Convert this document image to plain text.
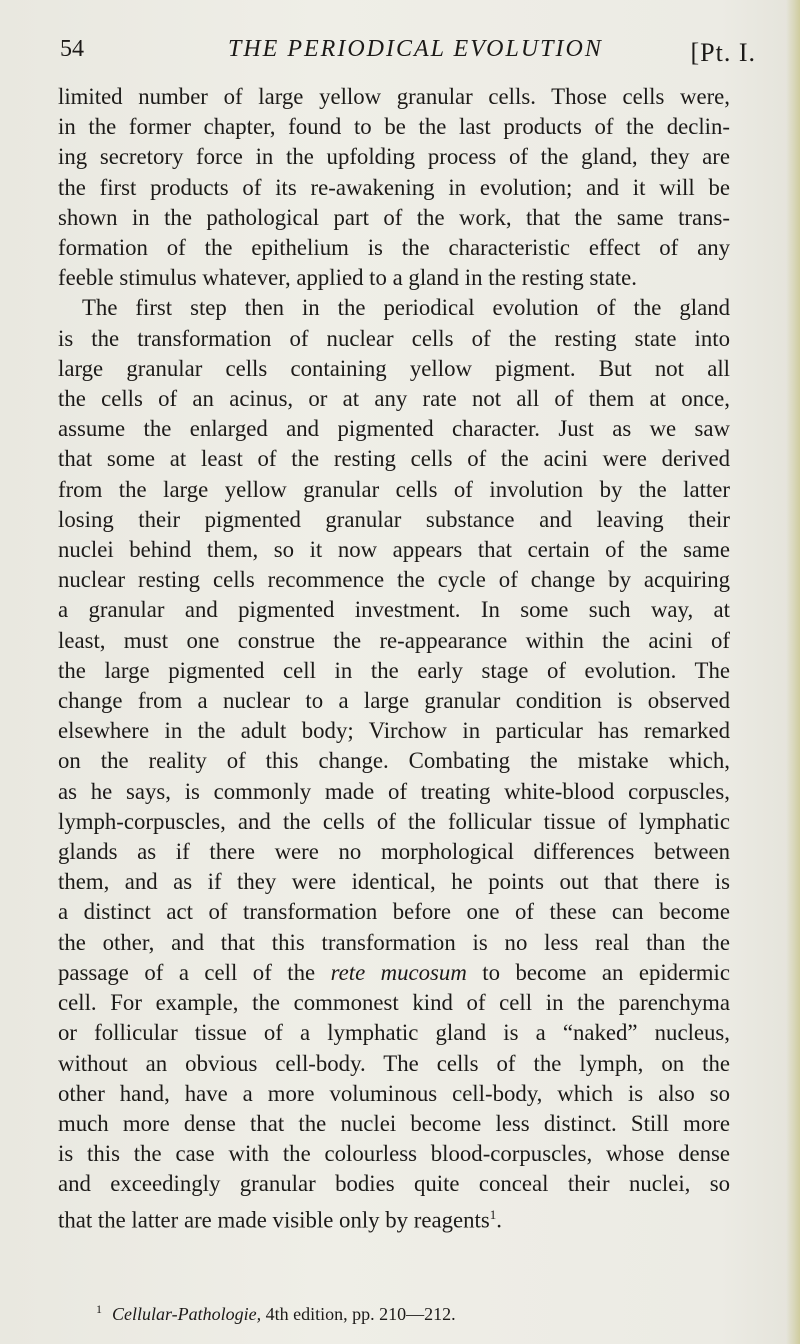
54	THE PERIODICAL EVOLUTION	[Pt. I.
limited number of large yellow granular cells. Those cells were,
in the former chapter, found to be the last products of the declin-
ing secretory force in the upfolding process of the gland, they are
the first products of its re-awakening in evolution; and it will be
shown in the pathological part of the work, that the same trans-
formation of the epithelium is the characteristic effect of any
feeble stimulus whatever, applied to a gland in the resting state.
The first step then in the periodical evolution of the gland
is the transformation of nuclear cells of the resting state into
large granular cells containing yellow pigment. But not all
the cells of an acinus, or at any rate not all of them at once,
assume the enlarged and pigmented character. Just as we saw
that some at least of the resting cells of the acini were derived
from the large yellow granular cells of involution by the latter
losing their pigmented granular substance and leaving their
nuclei behind them, so it now appears that certain of the same
nuclear resting cells recommence the cycle of change by acquiring
a granular and pigmented investment. In some such way, at
least, must one construe the re-appearance within the acini of
the large pigmented cell in the early stage of evolution. The
change from a nuclear to a large granular condition is observed
elsewhere in the adult body; Virchow in particular has remarked
on the reality of this change. Combating the mistake which,
as he says, is commonly made of treating white-blood corpuscles,
lymph-corpuscles, and the cells of the follicular tissue of lymphatic
glands as if there were no morphological differences between
them, and as if they were identical, he points out that there is
a distinct act of transformation before one of these can become
the other, and that this transformation is no less real than the
passage of a cell of the rete mucosum to become an epidermic
cell. For example, the commonest kind of cell in the parenchyma
or follicular tissue of a lymphatic gland is a “naked” nucleus,
without an obvious cell-body. The cells of the lymph, on the
other hand, have a more voluminous cell-body, which is also so
much more dense that the nuclei become less distinct. Still more
is this the case with the colourless blood-corpuscles, whose dense
and exceedingly granular bodies quite conceal their nuclei, so
that the latter are made visible only by reagents$^1$.
$^1$ Cellular-Pathologie, 4th edition, pp. 210—212.
